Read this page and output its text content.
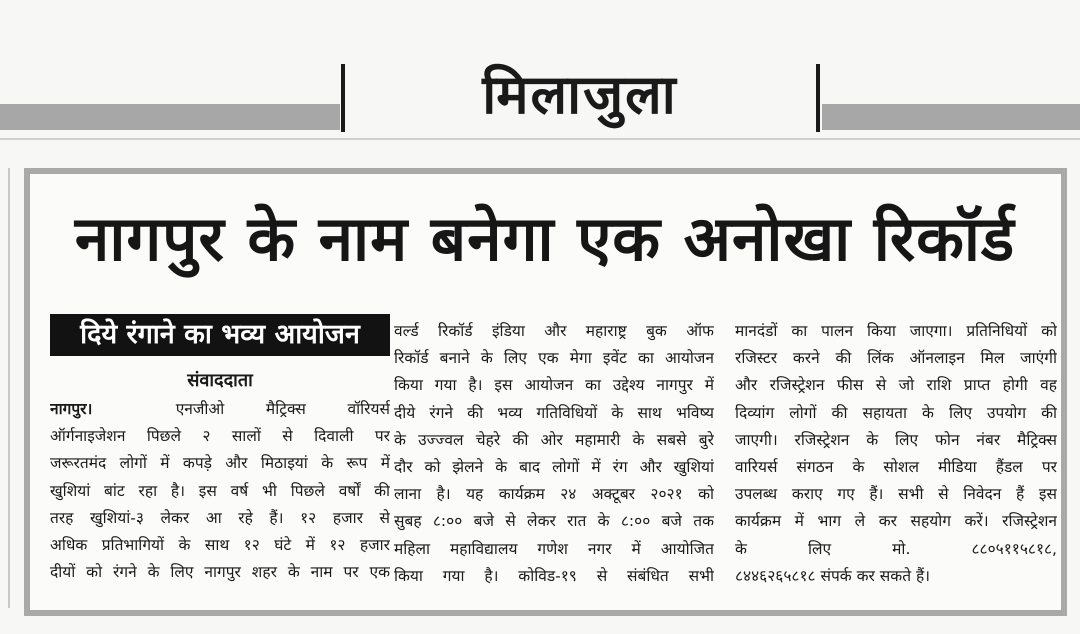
मिलाजुला
नागपुर के नाम बनेगा एक अनोखा रिकॉर्ड
दिये रंगाने का भव्य आयोजन
संवाददाता
नागपुर।	एनजीओ मैट्रिक्स वॉरियर्स
ऑर्गनाइजेशन पिछले २ सालों से दिवाली पर
जरूरतमंद लोगों में कपड़े और मिठाइयां के रूप में
खुशियां बांट रहा है। इस वर्ष भी पिछले वर्षों की
तरह खुशियां-३ लेकर आ रहे हैं। १२ हजार से
अधिक प्रतिभागियों के साथ १२ घंटे में १२ हजार
दीयों को रंगने के लिए नागपुर शहर के नाम पर एक
वर्ल्ड रिकॉर्ड इंडिया और महाराष्ट्र बुक ऑफ
रिकॉर्ड बनाने के लिए एक मेगा इवेंट का आयोजन
किया गया है। इस आयोजन का उद्देश्य नागपुर में
दीये रंगने की भव्य गतिविधियों के साथ भविष्य
के उज्ज्वल चेहरे की ओर महामारी के सबसे बुरे
दौर को झेलने के बाद लोगों में रंग और खुशियां
लाना है। यह कार्यक्रम २४ अक्टूबर २०२१ को
सुबह ८:०० बजे से लेकर रात के ८:०० बजे तक
महिला महाविद्यालय गणेश नगर में आयोजित
किया गया है। कोविड-१९ से संबंधित सभी
मानदंडों का पालन किया जाएगा। प्रतिनिधियों को
रजिस्टर करने की लिंक ऑनलाइन मिल जाएंगी
और रजिस्ट्रेशन फीस से जो राशि प्राप्त होगी वह
दिव्यांग लोगों की सहायता के लिए उपयोग की
जाएगी। रजिस्ट्रेशन के लिए फोन नंबर मैट्रिक्स
वारियर्स संगठन के सोशल मीडिया हैंडल पर
उपलब्ध कराए गए हैं। सभी से निवेदन हैं इस
कार्यक्रम में भाग ले कर सहयोग करें। रजिस्ट्रेशन
के लिए मो. ८८०५११५८१८,
८४४६२६५८१८ संपर्क कर सकते हैं।
